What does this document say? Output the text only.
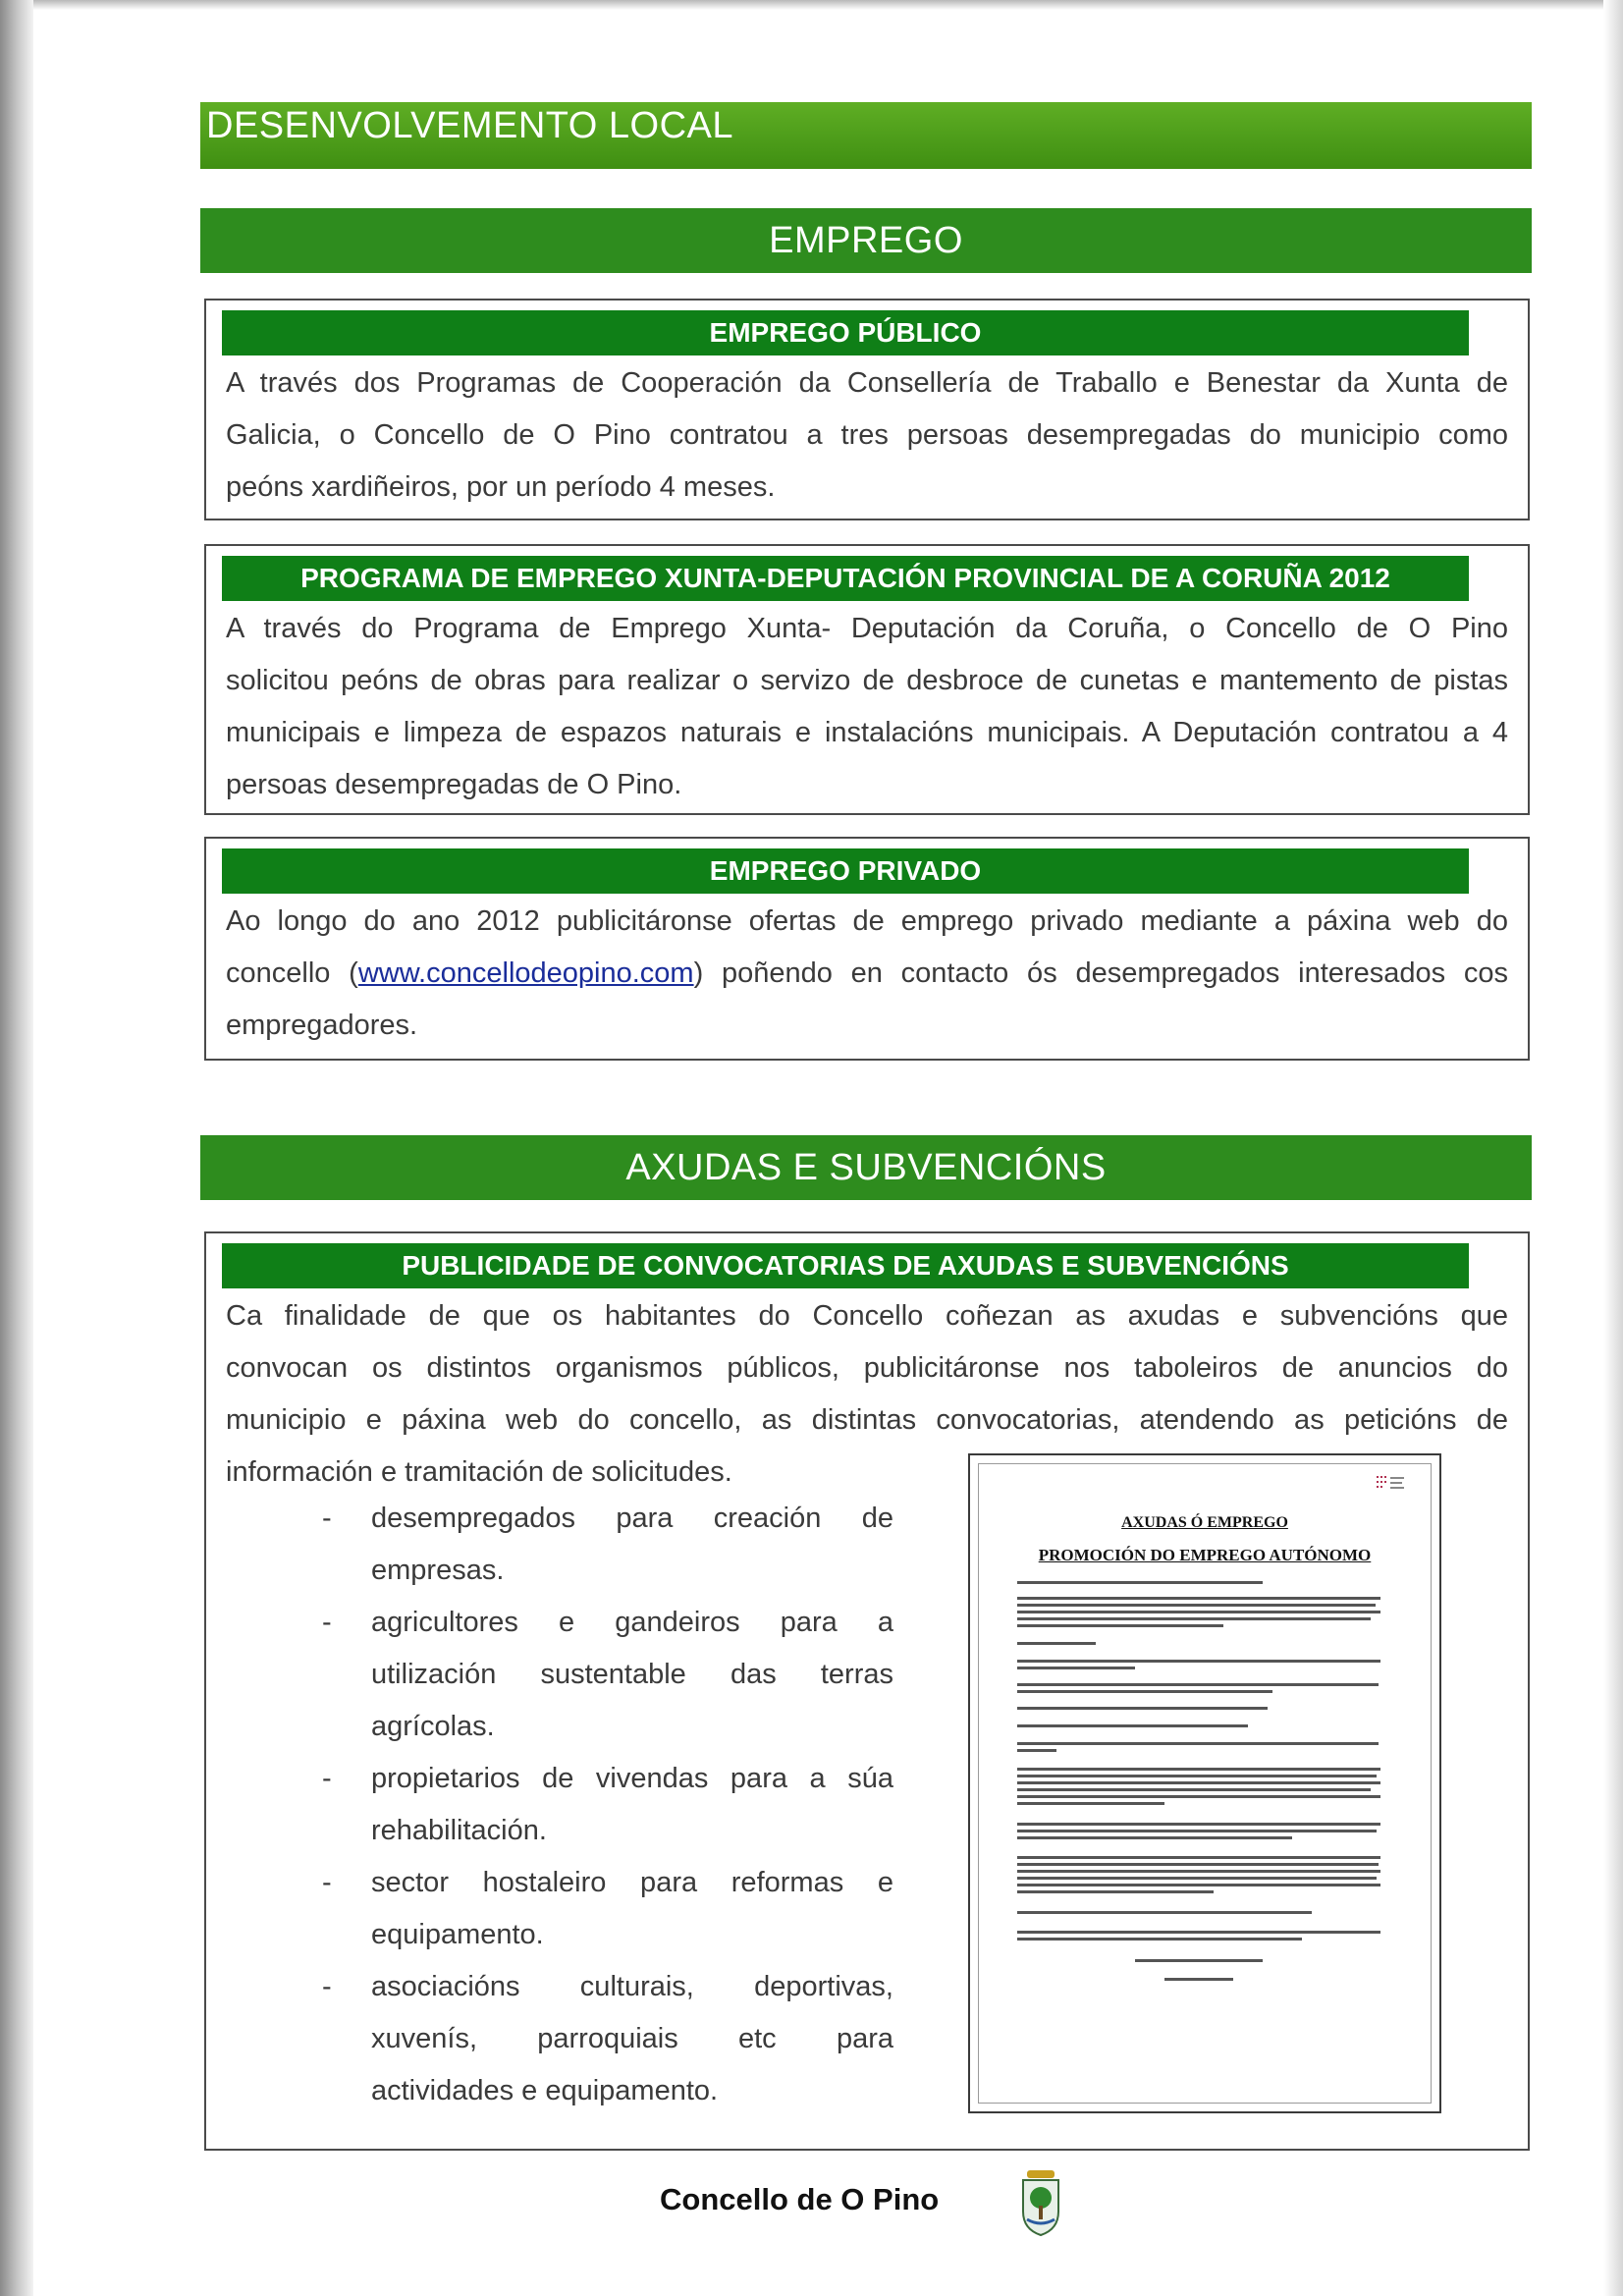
DESENVOLVEMENTO LOCAL
EMPREGO
EMPREGO PÚBLICO
A través dos Programas de Cooperación da Consellería de Traballo e Benestar da Xunta de
Galicia, o Concello de O Pino contratou a tres persoas desempregadas do municipio como
peóns xardiñeiros, por un período 4 meses.
PROGRAMA DE EMPREGO XUNTA-DEPUTACIÓN PROVINCIAL DE A CORUÑA 2012
A través do Programa de Emprego Xunta- Deputación da Coruña, o Concello de O Pino
solicitou peóns de obras para realizar o servizo de desbroce de cunetas e mantemento de pistas
municipais e limpeza de espazos naturais e instalacións municipais. A Deputación contratou a 4
persoas desempregadas de O Pino.
EMPREGO PRIVADO
Ao longo do ano 2012 publicitáronse ofertas de emprego privado mediante a páxina web do
concello (www.concellodeopino.com) poñendo en contacto ós desempregados interesados cos
empregadores.
AXUDAS E SUBVENCIÓNS
PUBLICIDADE DE CONVOCATORIAS DE AXUDAS E SUBVENCIÓNS
Ca finalidade de que os habitantes do Concello coñezan as axudas e subvencións que
convocan os distintos organismos públicos, publicitáronse nos taboleiros de anuncios do
municipio e páxina web do concello, as distintas convocatorias, atendendo as peticións de
información e tramitación de solicitudes.
- desempregados para creación de
empresas.
- agricultores e gandeiros para a
utilización sustentable das terras
agrícolas.
- propietarios de vivendas para a súa
rehabilitación.
- sector hostaleiro para reformas e
equipamento.
- asociacións culturais, deportivas,
xuvenís, parroquiais etc para
actividades e equipamento.
AXUDAS Ó EMPREGO
PROMOCIÓN DO EMPREGO AUTÓNOMO
Concello de O Pino
